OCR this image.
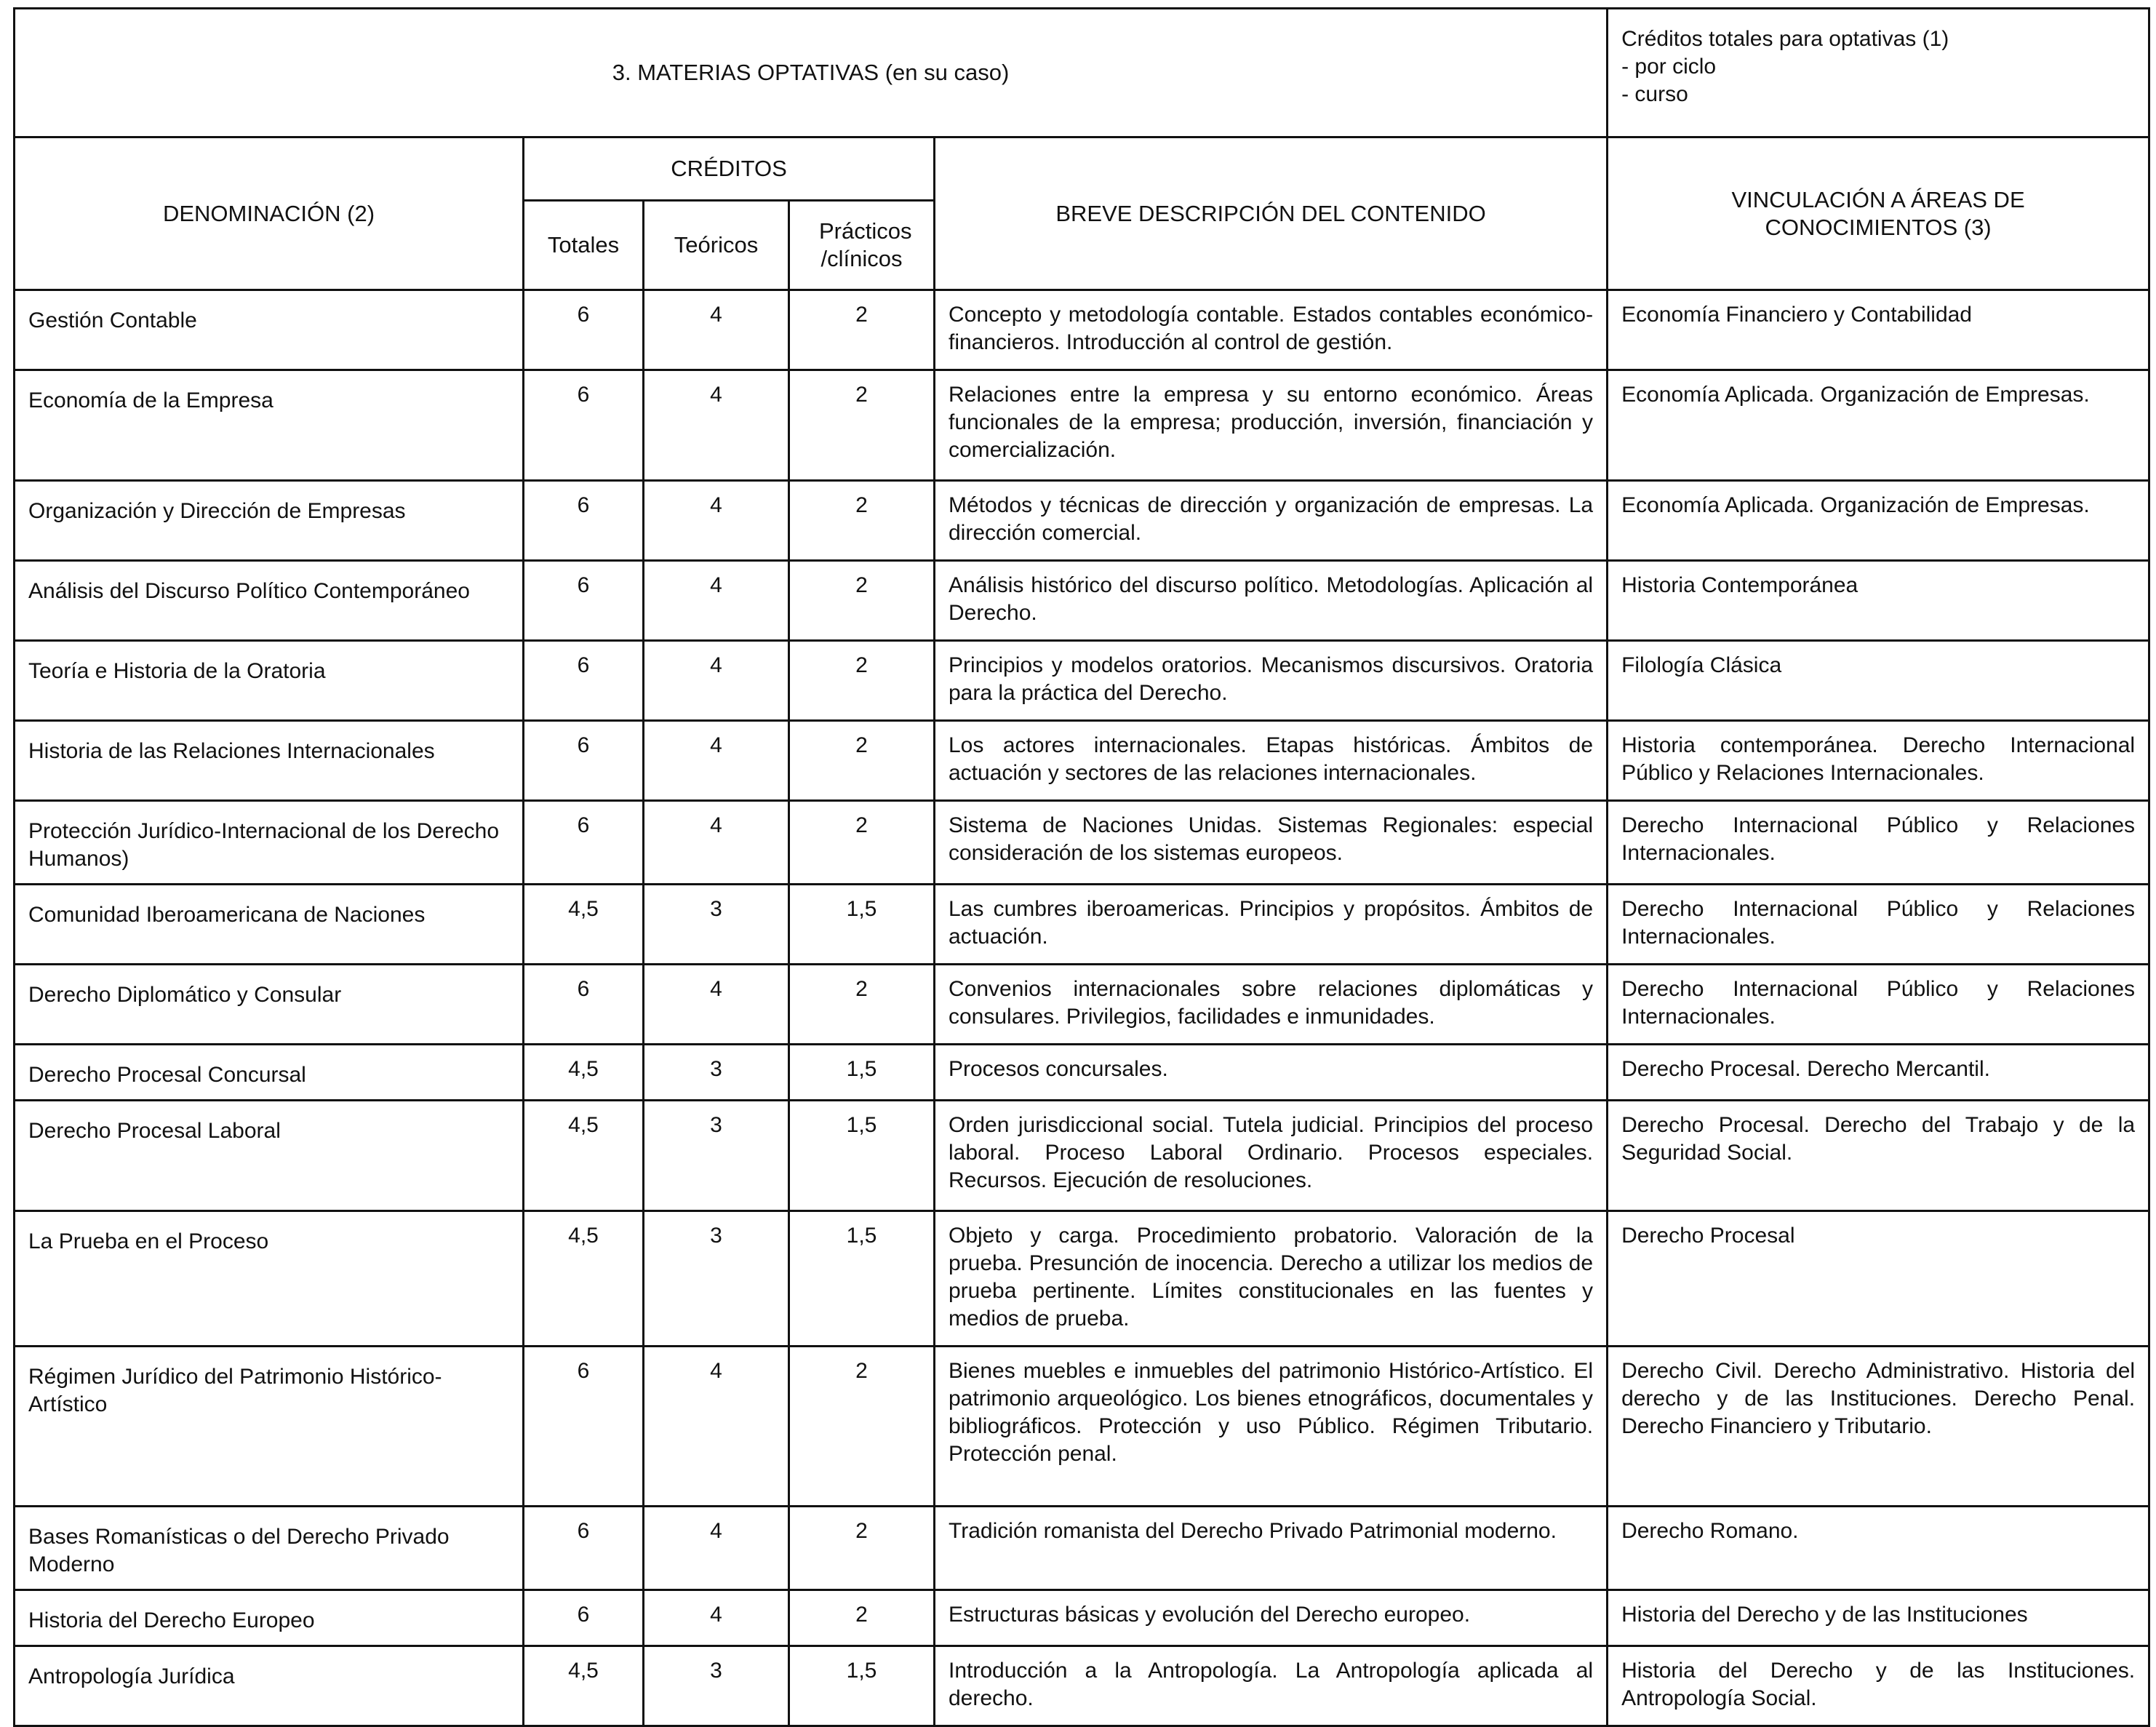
3. MATERIAS OPTATIVAS (en su caso)					Créditos totales para optativas (1)
- por ciclo
- curso

DENOMINACIÓN (2)	CRÉDITOS			BREVE DESCRIPCIÓN DEL CONTENIDO	VINCULACIÓN A ÁREAS DE CONOCIMIENTOS (3)
	Totales	Teóricos	Prácticos /clínicos		
Gestión Contable	6	4	2	Concepto y metodología contable. Estados contables económico-financieros. Introducción al control de gestión.	Economía Financiero y Contabilidad
Economía de la Empresa	6	4	2	Relaciones entre la empresa y su entorno económico. Áreas funcionales de la empresa; producción, inversión, financiación y comercialización.	Economía Aplicada. Organización de Empresas.
Organización y Dirección de Empresas	6	4	2	Métodos y técnicas de dirección y organización de empresas. La dirección comercial.	Economía Aplicada. Organización de Empresas.
Análisis del Discurso Político Contemporáneo	6	4	2	Análisis histórico del discurso político. Metodologías. Aplicación al Derecho.	Historia Contemporánea
Teoría e Historia de la Oratoria	6	4	2	Principios y modelos oratorios. Mecanismos discursivos. Oratoria para la práctica del Derecho.	Filología Clásica
Historia de las Relaciones Internacionales	6	4	2	Los actores internacionales. Etapas históricas. Ámbitos de actuación y sectores de las relaciones internacionales.	Historia contemporánea. Derecho Internacional Público y Relaciones Internacionales.
Protección Jurídico-Internacional de los Derecho Humanos)	6	4	2	Sistema de Naciones Unidas. Sistemas Regionales: especial consideración de los sistemas europeos.	Derecho Internacional Público y Relaciones Internacionales.
Comunidad Iberoamericana de Naciones	4,5	3	1,5	Las cumbres iberoamericas. Principios y propósitos. Ámbitos de actuación.	Derecho Internacional Público y Relaciones Internacionales.
Derecho Diplomático y Consular	6	4	2	Convenios internacionales sobre relaciones diplomáticas y consulares. Privilegios, facilidades e inmunidades.	Derecho Internacional Público y Relaciones Internacionales.
Derecho Procesal Concursal	4,5	3	1,5	Procesos concursales.	Derecho Procesal. Derecho Mercantil.
Derecho Procesal Laboral	4,5	3	1,5	Orden jurisdiccional social. Tutela judicial. Principios del proceso laboral. Proceso Laboral Ordinario. Procesos especiales. Recursos. Ejecución de resoluciones.	Derecho Procesal. Derecho del Trabajo y de la Seguridad Social.
La Prueba en el Proceso	4,5	3	1,5	Objeto y carga. Procedimiento probatorio. Valoración de la prueba. Presunción de inocencia. Derecho a utilizar los medios de prueba pertinente. Límites constitucionales en las fuentes y medios de prueba.	Derecho Procesal
Régimen Jurídico del Patrimonio Histórico-Artístico	6	4	2	Bienes muebles e inmuebles del patrimonio Histórico-Artístico. El patrimonio arqueológico. Los bienes etnográficos, documentales y bibliográficos. Protección y uso Público. Régimen Tributario. Protección penal.	Derecho Civil. Derecho Administrativo. Historia del derecho y de las Instituciones. Derecho Penal. Derecho Financiero y Tributario.
Bases Romanísticas o del Derecho Privado Moderno	6	4	2	Tradición romanista del Derecho Privado Patrimonial moderno.	Derecho Romano.
Historia del Derecho Europeo	6	4	2	Estructuras básicas y evolución del Derecho europeo.	Historia del Derecho y de las Instituciones
Antropología Jurídica	4,5	3	1,5	Introducción a la Antropología. La Antropología aplicada al derecho.	Historia del Derecho y de las Instituciones. Antropología Social.
